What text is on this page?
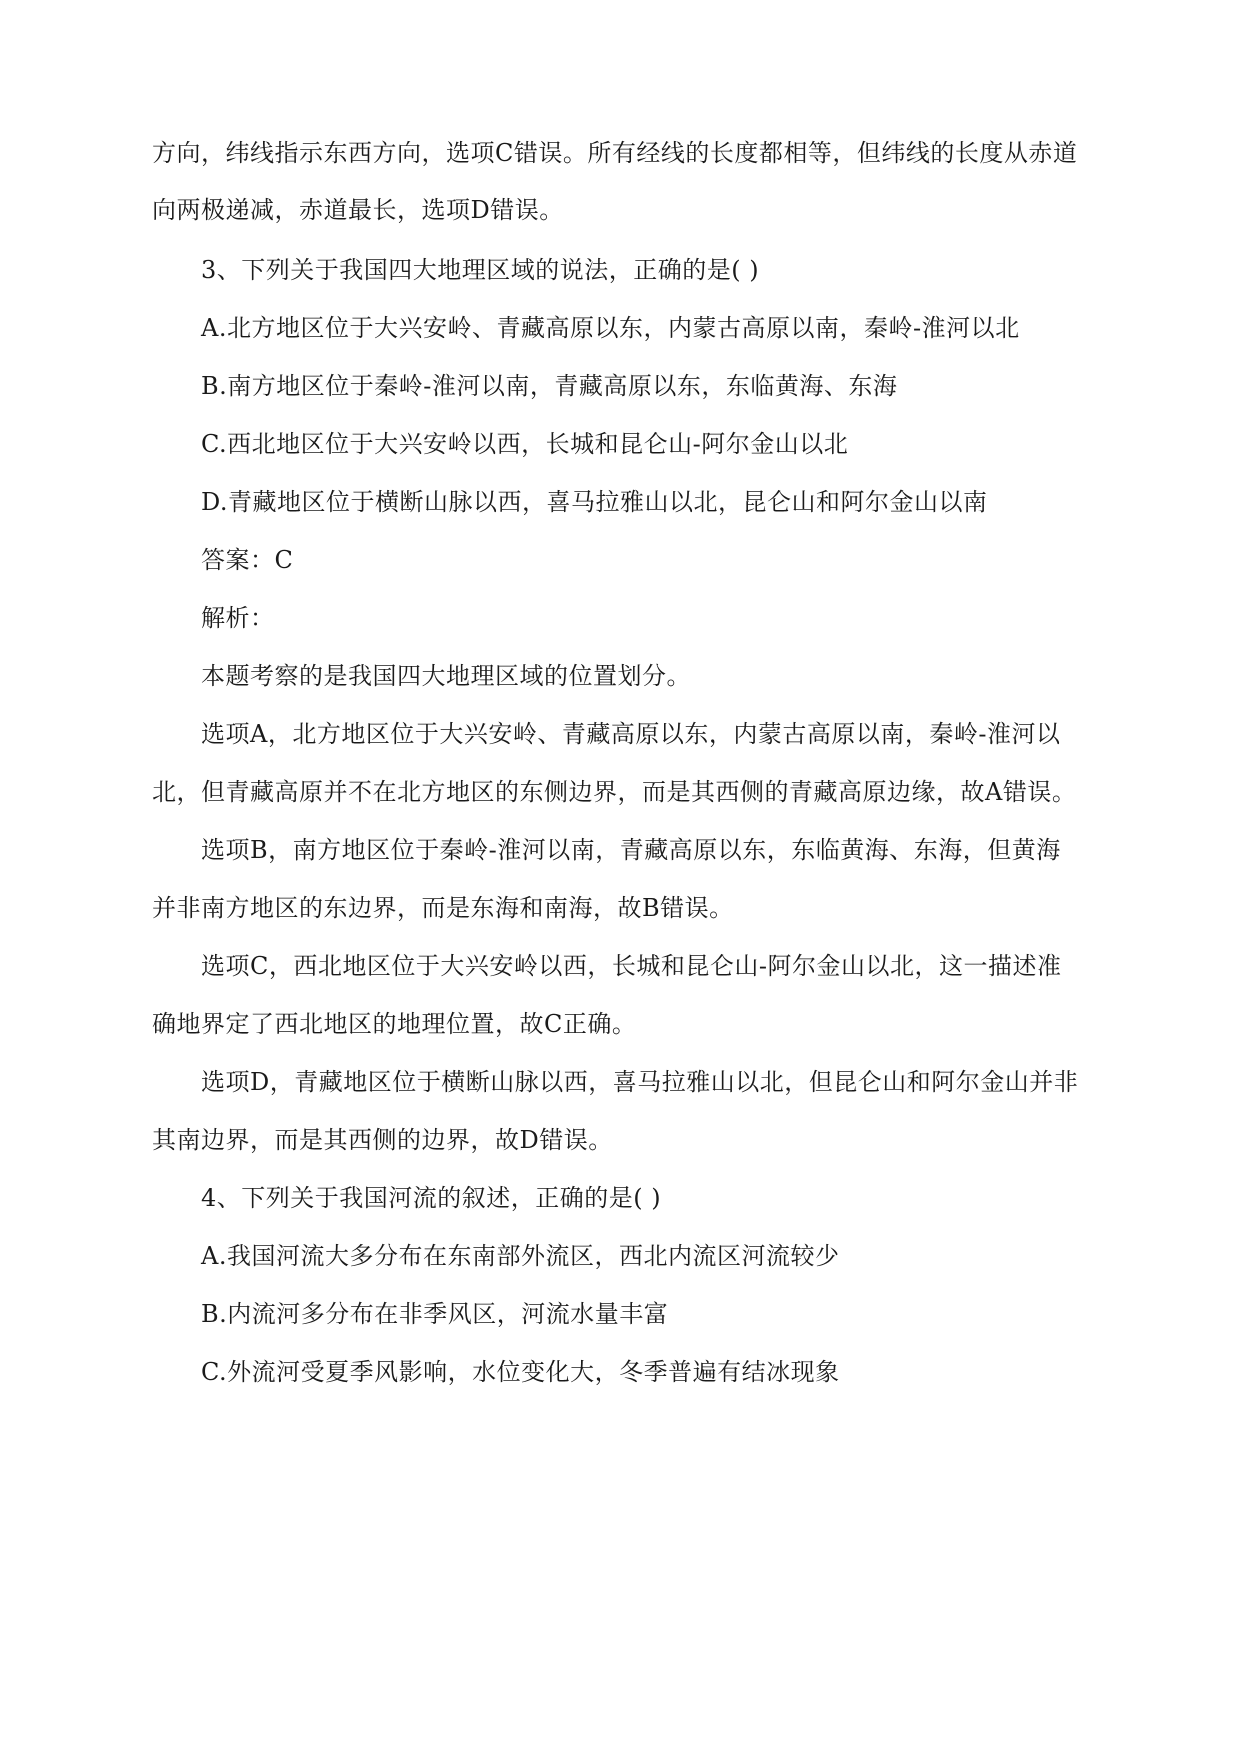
方向，纬线指示东西方向，选项C错误。所有经线的长度都相等，但纬线的长度从赤道
向两极递减，赤道最长，选项D错误。
3、下列关于我国四大地理区域的说法，正确的是( )
A.北方地区位于大兴安岭、青藏高原以东，内蒙古高原以南，秦岭-淮河以北
B.南方地区位于秦岭-淮河以南，青藏高原以东，东临黄海、东海
C.西北地区位于大兴安岭以西，长城和昆仑山-阿尔金山以北
D.青藏地区位于横断山脉以西，喜马拉雅山以北，昆仑山和阿尔金山以南
答案：C
解析：
本题考察的是我国四大地理区域的位置划分。
选项A，北方地区位于大兴安岭、青藏高原以东，内蒙古高原以南，秦岭-淮河以
北，但青藏高原并不在北方地区的东侧边界，而是其西侧的青藏高原边缘，故A错误。
选项B，南方地区位于秦岭-淮河以南，青藏高原以东，东临黄海、东海，但黄海
并非南方地区的东边界，而是东海和南海，故B错误。
选项C，西北地区位于大兴安岭以西，长城和昆仑山-阿尔金山以北，这一描述准
确地界定了西北地区的地理位置，故C正确。
选项D，青藏地区位于横断山脉以西，喜马拉雅山以北，但昆仑山和阿尔金山并非
其南边界，而是其西侧的边界，故D错误。
4、下列关于我国河流的叙述，正确的是( )
A.我国河流大多分布在东南部外流区，西北内流区河流较少
B.内流河多分布在非季风区，河流水量丰富
C.外流河受夏季风影响，水位变化大，冬季普遍有结冰现象
